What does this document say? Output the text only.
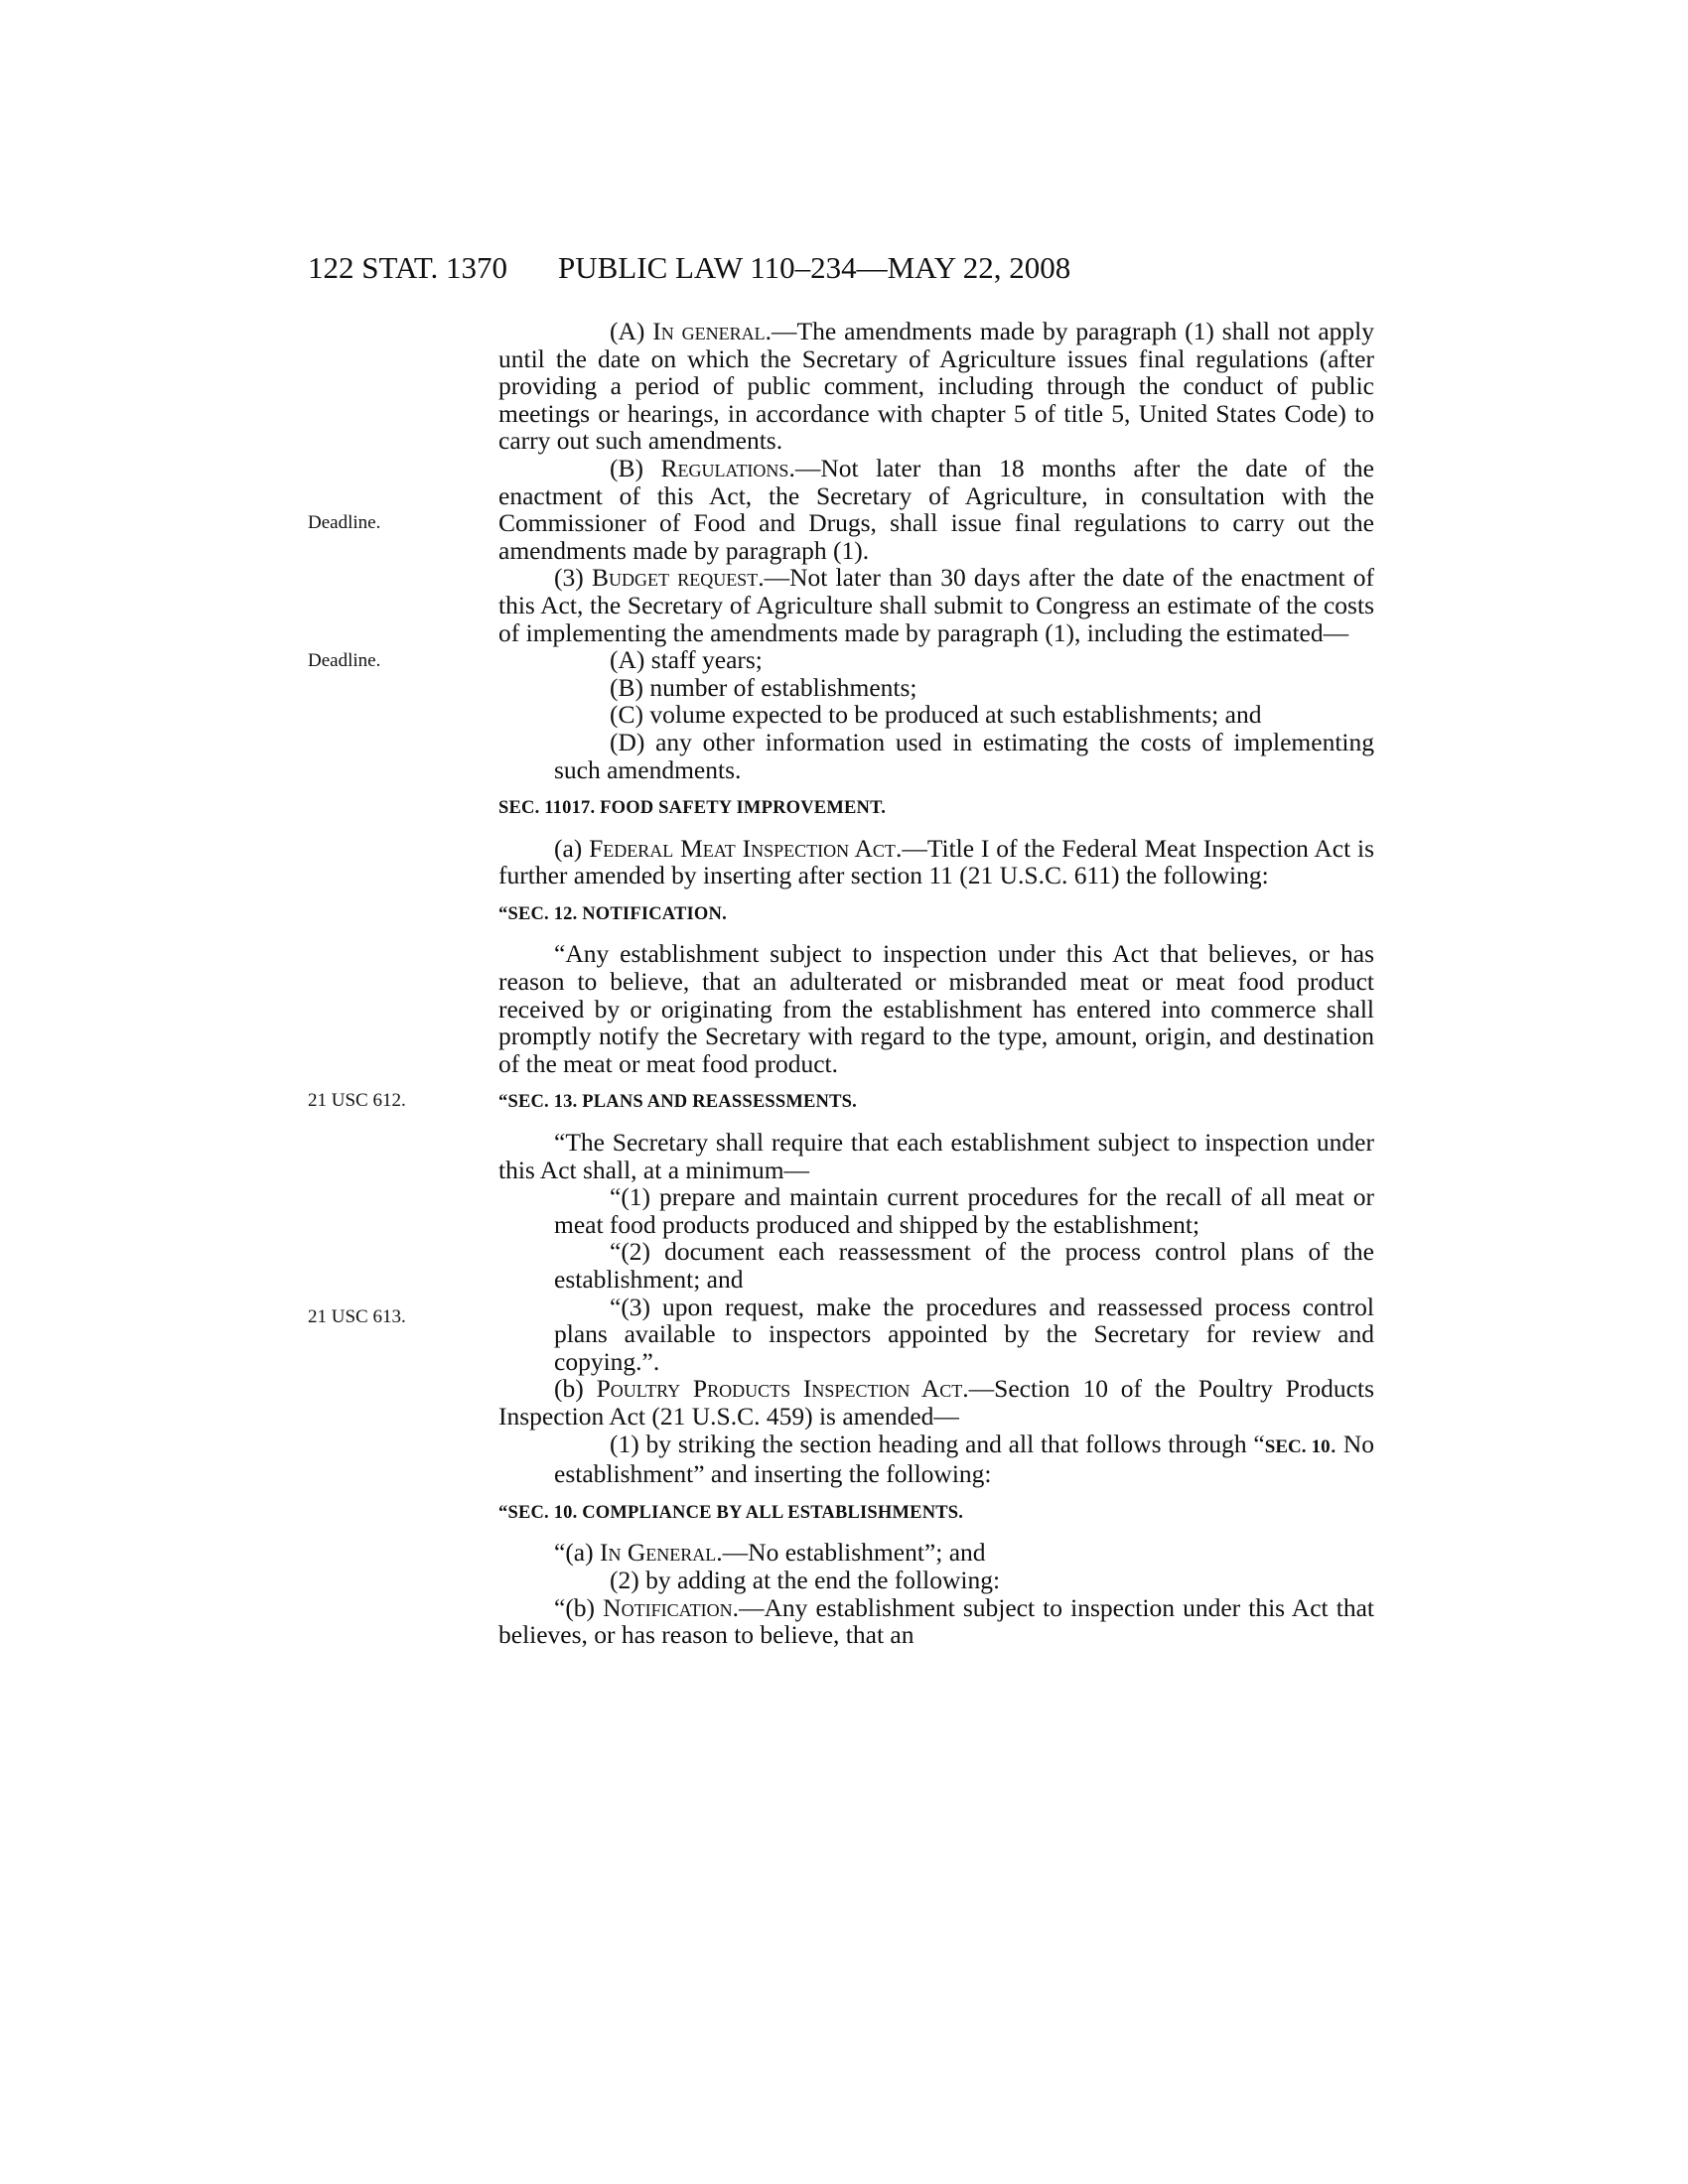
122 STAT. 1370 PUBLIC LAW 110–234—MAY 22, 2008
Deadline.
Deadline.
21 USC 612.
21 USC 613.

(A) In general.—The amendments made by paragraph (1) shall not apply until the date on which the Secretary of Agriculture issues final regulations (after providing a period of public comment, including through the conduct of public meetings or hearings, in accordance with chapter 5 of title 5, United States Code) to carry out such amendments.

(B) Regulations.—Not later than 18 months after the date of the enactment of this Act, the Secretary of Agriculture, in consultation with the Commissioner of Food and Drugs, shall issue final regulations to carry out the amendments made by paragraph (1).

(3) Budget request.—Not later than 30 days after the date of the enactment of this Act, the Secretary of Agriculture shall submit to Congress an estimate of the costs of implementing the amendments made by paragraph (1), including the estimated—

(A) staff years;

(B) number of establishments;

(C) volume expected to be produced at such establishments; and

(D) any other information used in estimating the costs of implementing such amendments.

SEC. 11017. FOOD SAFETY IMPROVEMENT.

(a) Federal Meat Inspection Act.—Title I of the Federal Meat Inspection Act is further amended by inserting after section 11 (21 U.S.C. 611) the following:

“SEC. 12. NOTIFICATION.

“Any establishment subject to inspection under this Act that believes, or has reason to believe, that an adulterated or misbranded meat or meat food product received by or originating from the establishment has entered into commerce shall promptly notify the Secretary with regard to the type, amount, origin, and destination of the meat or meat food product.

“SEC. 13. PLANS AND REASSESSMENTS.

“The Secretary shall require that each establishment subject to inspection under this Act shall, at a minimum—

“(1) prepare and maintain current procedures for the recall of all meat or meat food products produced and shipped by the establishment;

“(2) document each reassessment of the process control plans of the establishment; and

“(3) upon request, make the procedures and reassessed process control plans available to inspectors appointed by the Secretary for review and copying.”.

(b) Poultry Products Inspection Act.—Section 10 of the Poultry Products Inspection Act (21 U.S.C. 459) is amended—

(1) by striking the section heading and all that follows through “SEC. 10. No establishment” and inserting the following:

“SEC. 10. COMPLIANCE BY ALL ESTABLISHMENTS.

“(a) In General.—No establishment”; and

(2) by adding at the end the following:

“(b) Notification.—Any establishment subject to inspection under this Act that believes, or has reason to believe, that an
